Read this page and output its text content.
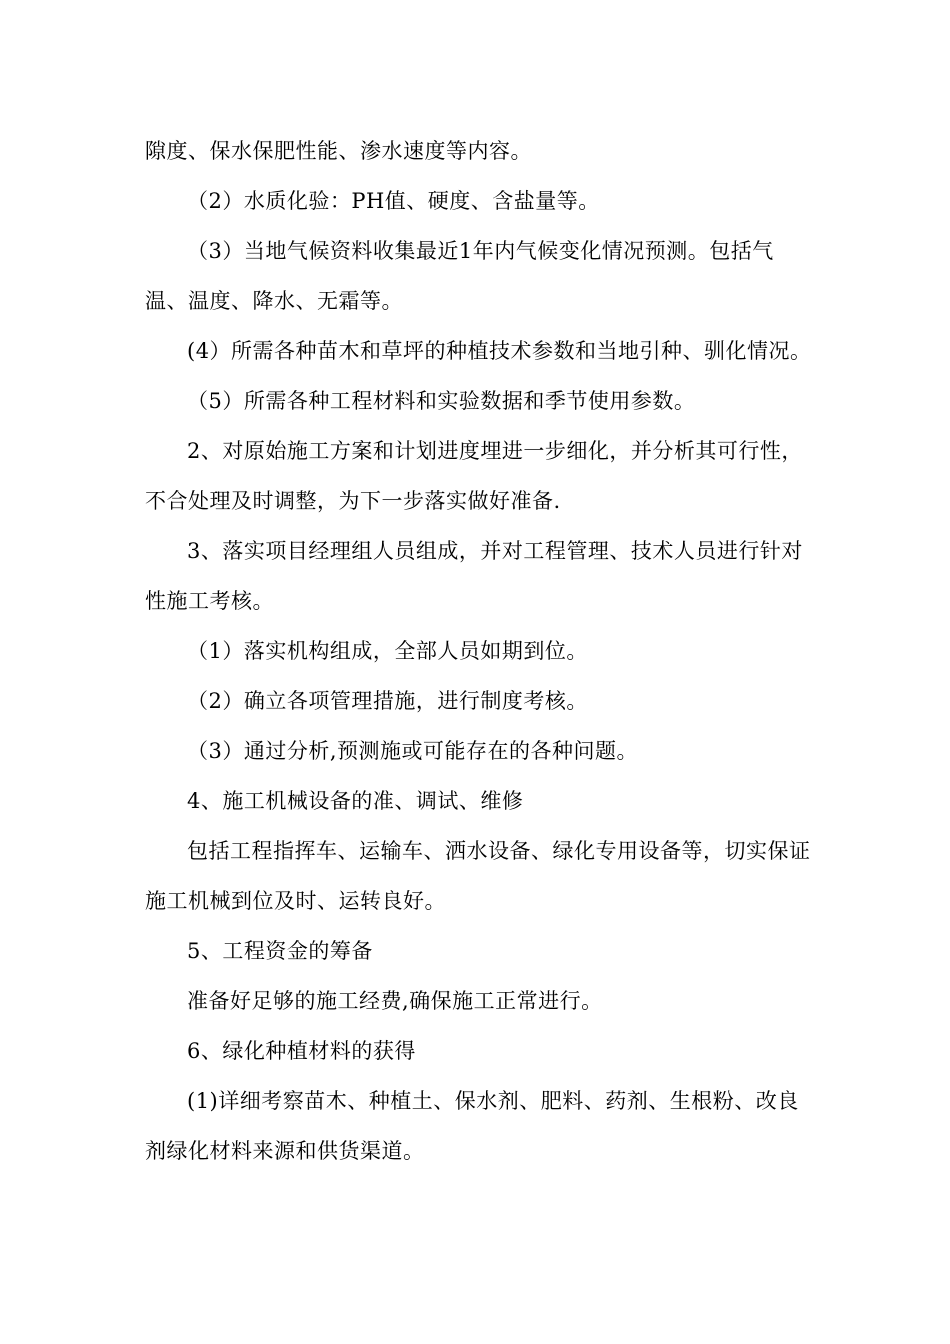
隙度、保水保肥性能、渗水速度等内容。

（2）水质化验：PH值、硬度、含盐量等。

（3）当地气候资料收集最近1年内气候变化情况预测。包括气温、温度、降水、无霜等。

(4）所需各种苗木和草坪的种植技术参数和当地引种、驯化情况。

（5）所需各种工程材料和实验数据和季节使用参数。

2、对原始施工方案和计划进度埋进一步细化，并分析其可行性，不合处理及时调整，为下一步落实做好准备.

3、落实项目经理组人员组成，并对工程管理、技术人员进行针对性施工考核。

（1）落实机构组成，全部人员如期到位。

（2）确立各项管理措施，进行制度考核。

（3）通过分析,预测施或可能存在的各种问题。

4、施工机械设备的准、调试、维修

包括工程指挥车、运输车、洒水设备、绿化专用设备等，切实保证施工机械到位及时、运转良好。

5、工程资金的筹备

准备好足够的施工经费,确保施工正常进行。

6、绿化种植材料的获得

(1)详细考察苗木、种植土、保水剂、肥料、药剂、生根粉、改良剂绿化材料来源和供货渠道。
